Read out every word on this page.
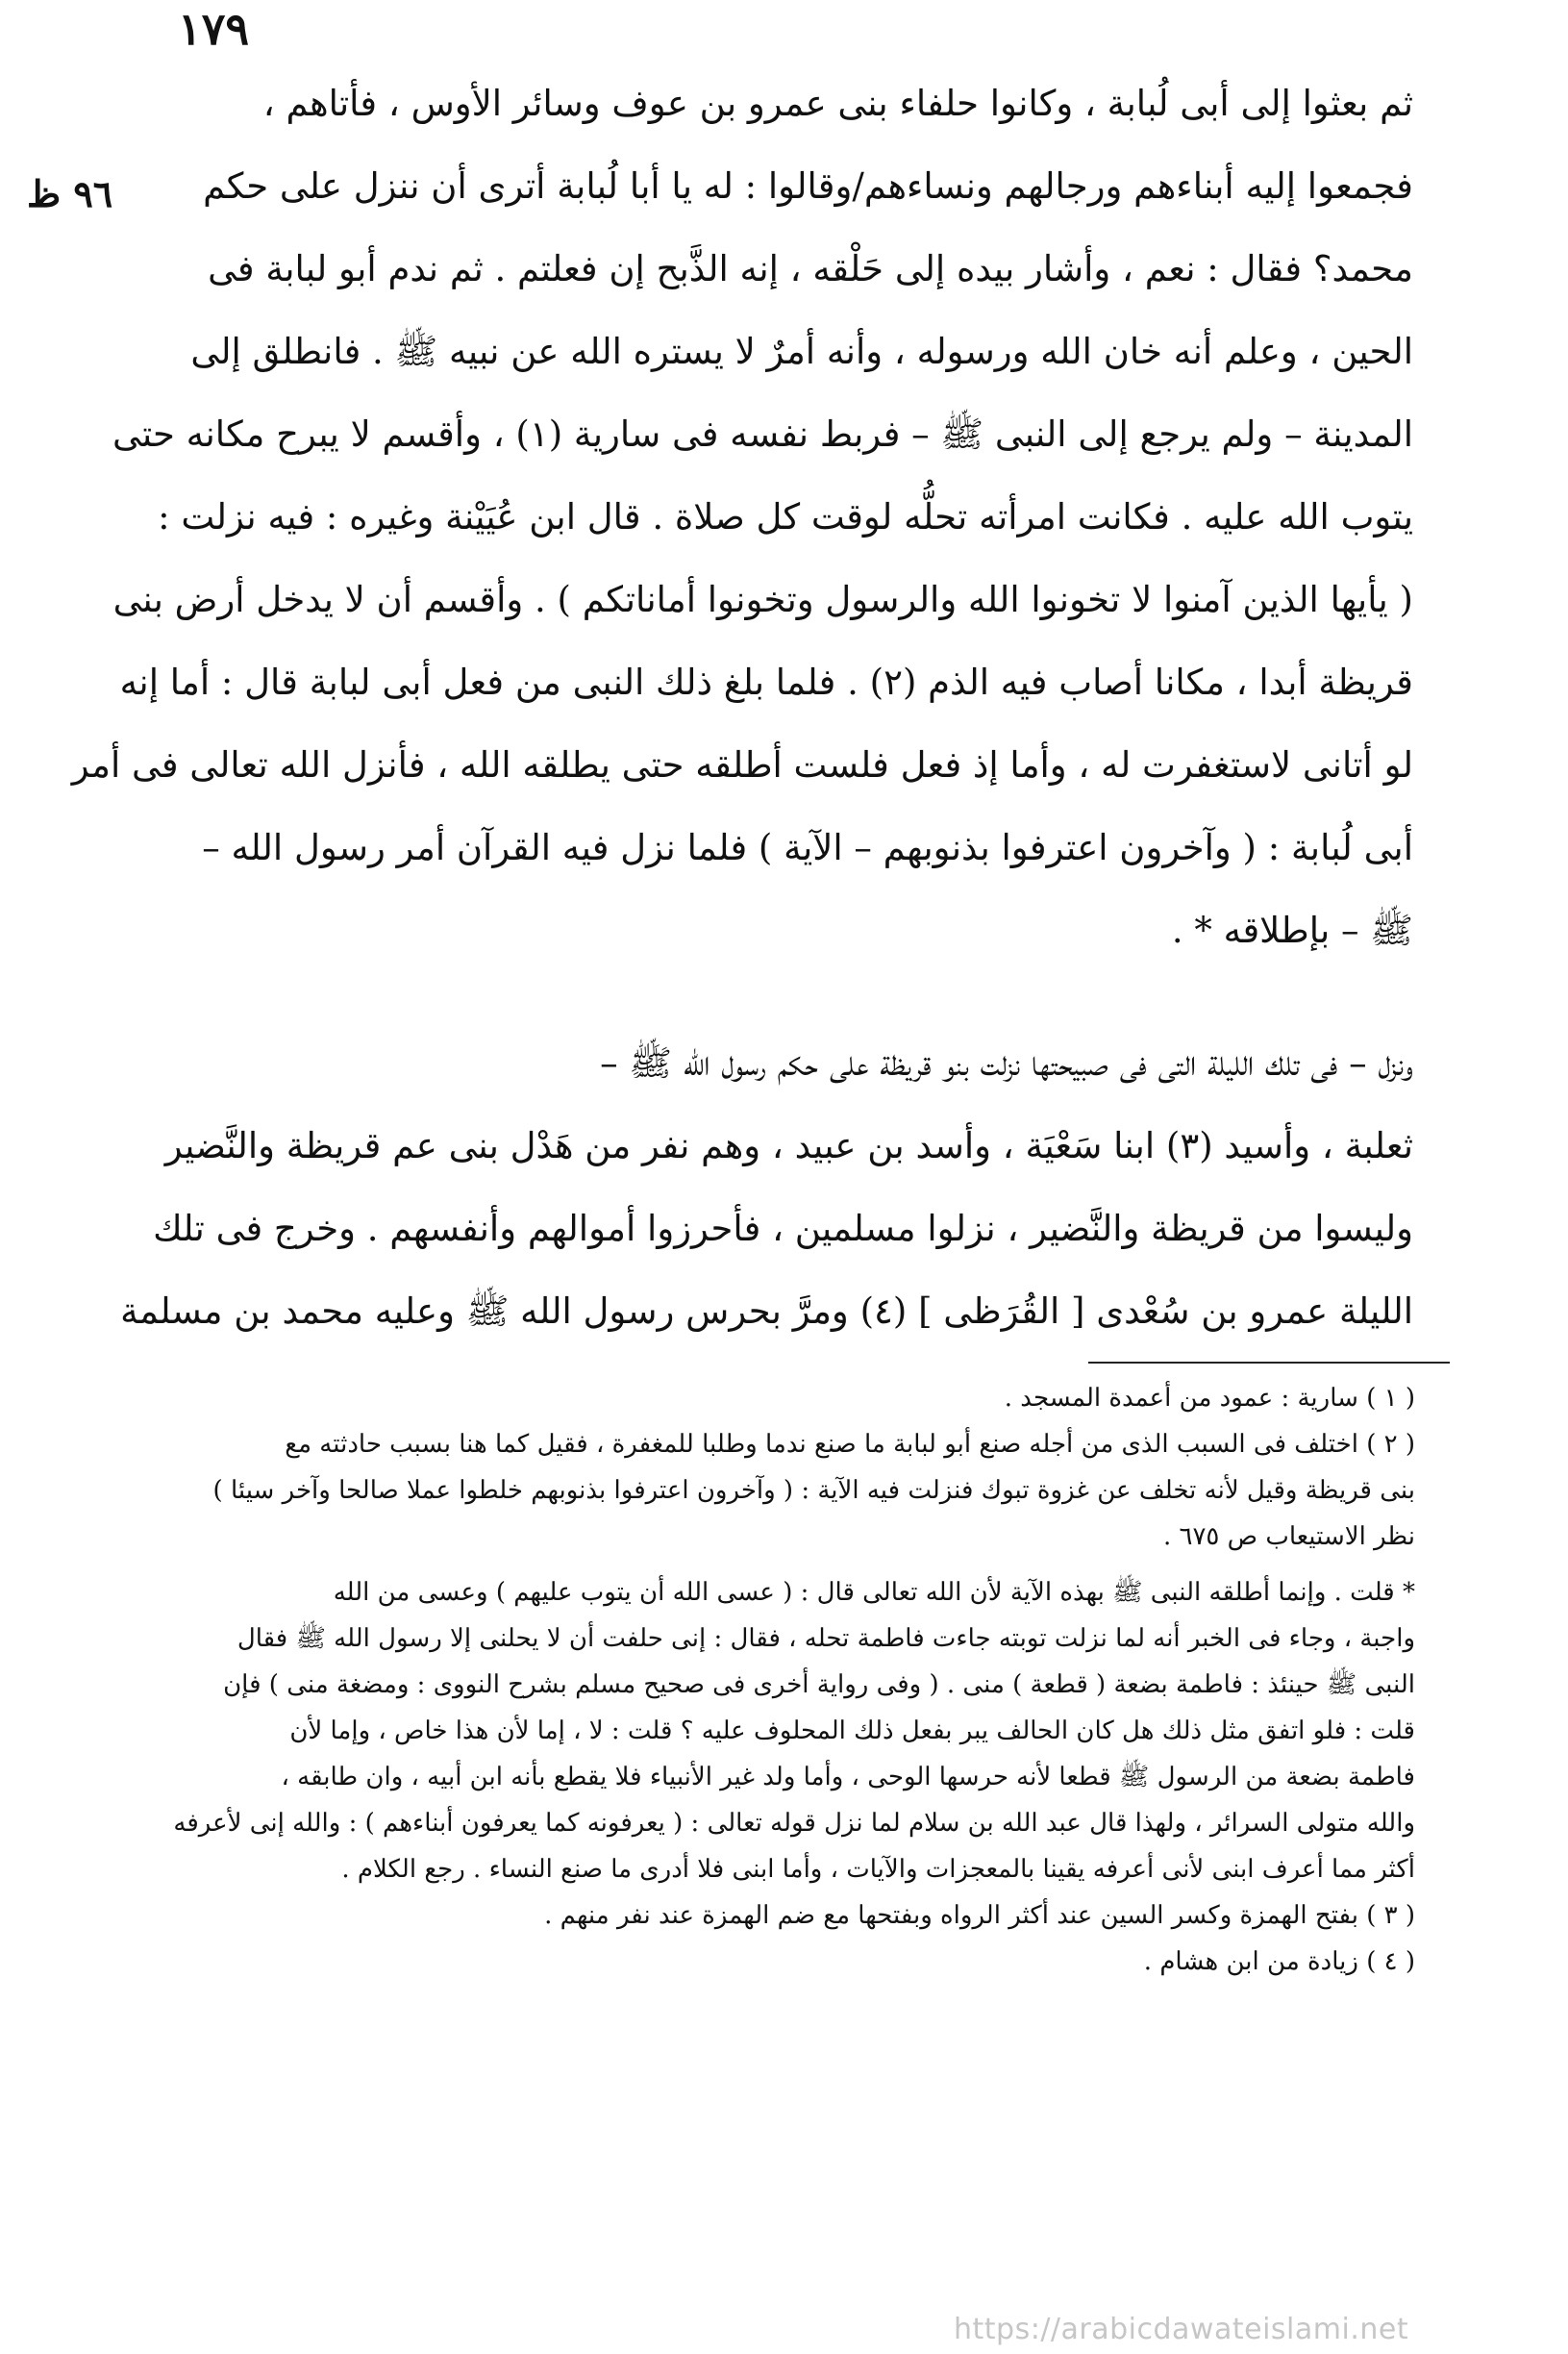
١٧٩
٩٦ ظ
ثم بعثوا إلى أبى لُبابة ، وكانوا حلفاء بنى عمرو بن عوف وسائر الأوس ، فأتاهم ،
فجمعوا إليه أبناءهم ورجالهم ونساءهم/وقالوا : له يا أبا لُبابة أترى أن ننزل على حكم
محمد؟ فقال : نعم ، وأشار بيده إلى حَلْقه ، إنه الذَّبح إن فعلتم . ثم ندم أبو لبابة فى
الحين ، وعلم أنه خان الله ورسوله ، وأنه أمرٌ لا يستره الله عن نبيه ﷺ . فانطلق إلى
المدينة – ولم يرجع إلى النبى ﷺ – فربط نفسه فى سارية (١) ، وأقسم لا يبرح مكانه حتى
يتوب الله عليه . فكانت امرأته تحلُّه لوقت كل صلاة . قال ابن عُيَيْنة وغيره : فيه نزلت :
( يأيها الذين آمنوا لا تخونوا الله والرسول وتخونوا أماناتكم ) . وأقسم أن لا يدخل أرض بنى
قريظة أبدا ، مكانا أصاب فيه الذم (٢) . فلما بلغ ذلك النبى من فعل أبى لبابة قال : أما إنه
لو أتانى لاستغفرت له ، وأما إذ فعل فلست أطلقه حتى يطلقه الله ، فأنزل الله تعالى فى أمر
أبى لُبابة : ( وآخرون اعترفوا بذنوبهم – الآية ) فلما نزل فيه القرآن أمر رسول الله –
ﷺ – بإطلاقه * .
ونزل – فى تلك الليلة التى فى صبيحتها نزلت بنو قريظة على حكم رسول الله ﷺ –
ثعلبة ، وأسيد (٣) ابنا سَعْيَة ، وأسد بن عبيد ، وهم نفر من هَدْل بنى عم قريظة والنَّضير
وليسوا من قريظة والنَّضير ، نزلوا مسلمين ، فأحرزوا أموالهم وأنفسهم . وخرج فى تلك
الليلة عمرو بن سُعْدى [ القُرَظى ] (٤) ومرَّ بحرس رسول الله ﷺ وعليه محمد بن مسلمة
( ١ ) سارية : عمود من أعمدة المسجد .
( ٢ ) اختلف فى السبب الذى من أجله صنع أبو لبابة ما صنع ندما وطلبا للمغفرة ، فقيل كما هنا بسبب حادثته مع
بنى قريظة وقيل لأنه تخلف عن غزوة تبوك فنزلت فيه الآية : ( وآخرون اعترفوا بذنوبهم خلطوا عملا صالحا وآخر سيئا )
نظر الاستيعاب ص ٦٧٥ .
* قلت . وإنما أطلقه النبى ﷺ بهذه الآية لأن الله تعالى قال : ( عسى الله أن يتوب عليهم ) وعسى من الله
واجبة ، وجاء فى الخبر أنه لما نزلت توبته جاءت فاطمة تحله ، فقال : إنى حلفت أن لا يحلنى إلا رسول الله ﷺ فقال
النبى ﷺ حينئذ : فاطمة بضعة ( قطعة ) منى . ( وفى رواية أخرى فى صحيح مسلم بشرح النووى : ومضغة منى ) فإن
قلت : فلو اتفق مثل ذلك هل كان الحالف يبر بفعل ذلك المحلوف عليه ؟ قلت : لا ، إما لأن هذا خاص ، وإما لأن
فاطمة بضعة من الرسول ﷺ قطعا لأنه حرسها الوحى ، وأما ولد غير الأنبياء فلا يقطع بأنه ابن أبيه ، وان طابقه ،
والله متولى السرائر ، ولهذا قال عبد الله بن سلام لما نزل قوله تعالى : ( يعرفونه كما يعرفون أبناءهم ) : والله إنى لأعرفه
أكثر مما أعرف ابنى لأنى أعرفه يقينا بالمعجزات والآيات ، وأما ابنى فلا أدرى ما صنع النساء . رجع الكلام .
( ٣ ) بفتح الهمزة وكسر السين عند أكثر الرواه وبفتحها مع ضم الهمزة عند نفر منهم .
( ٤ ) زيادة من ابن هشام .
https://arabicdawateislami.net
